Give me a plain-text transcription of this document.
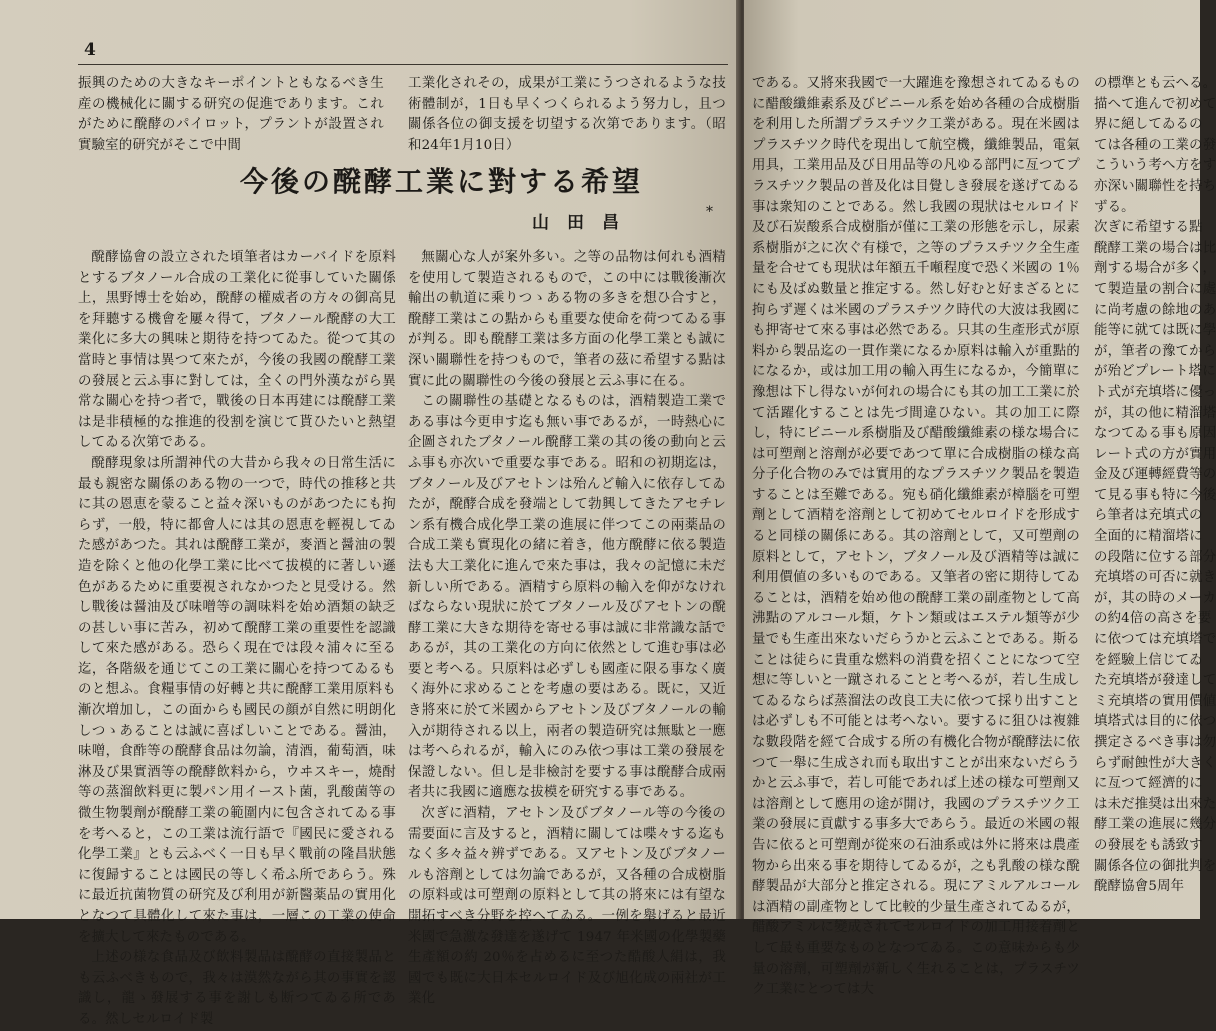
4

振興のための大きなキーポイントともなるべき生産の機械化に關する研究の促進であります。これがために醗酵のパイロット，プラントが設置され實驗室的研究がそこで中間

工業化されその，成果が工業にうつされるような技術體制が，1日も早くつくられるよう努力し，且つ關係各位の御支援を切望する次第であります。（昭和24年1月10日）

今後の醗酵工業に對する希望
山田昌
*

醗酵協會の設立された頃筆者はカーバイドを原料とするブタノール合成の工業化に從事していた關係上，黒野博士を始め，醗酵の權威者の方々の御高見を拜聽する機會を屢々得て，ブタノール醗酵の大工業化に多大の興味と期待を持つてゐた。從つて其の當時と事情は異つて來たが，今後の我國の醗酵工業の發展と云ふ事に對しては，全くの門外漢ながら異常な關心を持つ者で，戰後の日本再建には醗酵工業は是非積極的な推進的役割を演じて貰ひたいと熱望してゐる次第である。

醗酵現象は所謂神代の大昔から我々の日常生活に最も親密な關係のある物の一つで，時代の推移と共に其の恩恵を蒙ること益々深いものがあつたにも拘らず，一般，特に都會人には其の恩恵を輕視してゐた感があつた。其れは醗酵工業が，麥酒と醤油の製造を除くと他の化學工業に比べて拔模的に著しい遜色があるために重要視されなかつたと見受ける。然し戰後は醤油及び味噌等の調味料を始め酒類の缺乏の甚しい事に苦み，初めて醗酵工業の重要性を認識して來た感がある。恐らく現在では段々浦々に至る迄，各階級を通じてこの工業に關心を持つてゐるものと想ふ。食糧事情の好轉と共に醗酵工業用原料も漸次増加し，この面からも國民の顔が自然に明朗化しつゝあることは誠に喜ばしいことである。醤油，味噌，食酢等の醗酵食品は勿論，清酒，葡萄酒，味淋及び果實酒等の醗酵飲料から，ウヰスキー，燒酎等の蒸溜飲料更に製パン用イースト菌，乳酸菌等の微生物製劑が醗酵工業の範圍内に包含されてゐる事を考へると，この工業は流行語で『國民に愛される化學工業』とも云ふべく一日も早く戰前の隆昌狀態に復歸することは國民の等しく希ふ所であらう。殊に最近抗菌物質の研究及び利用が新醫薬品の實用化となつて具體化して來た事は，一層この工業の使命を擴大して來たものである。

上述の様な食品及び飲料製品は醗酵の直接製品とも云ふべきもので，我々は漠然ながら其の事實を認識し，龍ゝ發展する事を謝しも断つてゐる所である。然しセルロイド製

無關心な人が案外多い。之等の品物は何れも酒精を使用して製造されるもので，この中には戰後漸次輸出の軌道に乘りつゝある物の多きを想ひ合すと，醗酵工業はこの點からも重要な使命を荷つてゐる事が判る。即も醗酵工業は多方面の化學工業とも誠に深い關聯性を持つもので，筆者の茲に希望する點は實に此の關聯性の今後の發展と云ふ事に在る。

この關聯性の基礎となるものは，酒精製造工業である事は今更申す迄も無い事であるが，一時熱心に企圖されたブタノール醗酵工業の其の後の動向と云ふ事も亦次いで重要な事である。昭和の初期迄は，ブタノール及びアセトンは殆んど輸入に依存してゐたが，醗酵合成を發端として勃興してきたアセチレン系有機合成化學工業の進展に伴つてこの兩薬品の合成工業も實現化の緒に着き，他方醗酵に依る製造法も大工業化に進んで來た事は，我々の記憶に未だ新しい所である。酒精すら原料の輸入を仰がなければならない現狀に於てブタノール及びアセトンの醗酵工業に大きな期待を寄せる事は誠に非常識な話であるが，其の工業化の方向に依然として進む事は必要と考へる。只原料は必ずしも國產に限る事なく廣く海外に求めることを考慮の要はある。既に，又近き將來に於て米國からアセトン及びブタノールの輸入が期待される以上，兩者の製造研究は無駄と一應は考へられるが，輸入にのみ依つ事は工業の發展を保證しない。但し是非檢討を要する事は醗酵合成兩者共に我國に適應な拔模を研究する事である。

次ぎに酒精，アセトン及びブタノール等の今後の需要面に言及すると，酒精に關しては喋々する迄もなく多々益々辨ずである。又アセトン及びブタノールも溶劑としては勿論であるが，又各種の合成樹脂の原料或は可塑劑の原料として其の將來には有望な開拓すべき分野を控へてゐる。一例を舉げると最近米國で急激な發達を遂げて 1947 年米國の化學製藥生產額の約 20％を占めるに至つた酷酸人絹は，我國でも既に大日本セルロイド及び旭化成の兩社が工業化

である。又將來我國で一大躍進を豫想されてゐるものに醋酸纖維素系及びビニール系を始め各種の合成樹脂を利用した所謂プラスチツク工業がある。現在米國はプラスチツク時代を現出して航空機，纖維製品，電氣用具，工業用品及び日用品等の凡ゆる部門に亙つてプラスチツク製品の普及化は目覺しき發展を遂げてゐる事は衆知のことである。然し我國の現狀はセルロイド及び石炭酸系合成樹脂が僅に工業の形態を示し，尿素系樹脂が之に次ぐ有様で，之等のプラスチツク全生產量を合せても現狀は年額五千噸程度で恐く米國の 1％にも及ばぬ數量と推定する。然し好むと好まざるとに拘らず遲くは米國のプラスチツク時代の大波は我國にも押寄せて來る事は必然である。只其の生產形式が原料から製品迄の一貫作業になるか原料は輸入が重點的になるか，或は加工用の輸入再生になるか，今簡單に豫想は下し得ないが何れの場合にも其の加工工業に於て活躍化することは先づ間違ひない。其の加工に際し，特にビニール系樹脂及び醋酸纖維素の様な場合には可塑劑と溶劑が必要であつて單に合成樹脂の様な高分子化合物のみでは實用的なプラスチツク製品を製造することは至難である。宛も硝化纖維素が樟腦を可塑劑として酒精を溶劑として初めてセルロイドを形成すると同様の關係にある。其の溶劑として，又可塑劑の原料として，アセトン，ブタノール及び酒精等は誠に利用價値の多いものである。又筆者の密に期待してゐることは，酒精を始め他の醗酵工業の副產物として高沸點のアルコール類，ケトン類或はエステル類等が少量でも生產出來ないだらうかと云ふことである。斯ることは徒らに貴重な燃料の消費を招くことになつて空想に等しいと一蹴されることと考へるが，若し生成してゐるならば蒸溜法の改良工夫に依つて採り出すことは必ずしも不可能とは考へない。要するに狙ひは複雜な數段階を經て合成する所の有機化合物が醗酵法に依つて一舉に生成され而も取出すことが出來ないだらうかと云ふ事で，若し可能であれば上述の様な可塑劑又は溶劑として應用の途が開け，我國のプラスチツク工業の發展に貢獻する事多大であらう。最近の米國の報告に依ると可塑劑が從來の石油系或は外に將來は農產物から出來る事を期待してゐるが，之も乳酸の様な醗酵製品が大部分と推定される。現にアミルアルコールは酒精の副產物として比較的少量生產されてゐるが，醋酸アミルに變成されてセルロイドの加工用接着劑として最も重要なものとなつてゐる。この意味からも少量の溶劑，可塑劑が新しく生れることは，プラスチツク工業にとつては大

の標準とも云へる。
描へて進んで初めて
界に絕してゐるの
ては各種の工業の發
こういう考へ方をす
亦深い關聯性を持ち
ずる。
次ぎに希望する點
醗酵工業の場合は比
劑する場合が多く，
て製造量の割合に處
に尚考慮の餘地のあ
能等に就ては既に學
が，筆者の豫てから
が殆どプレート塔に
ト式が充填塔に優っ
が，其の他に精溜塔
なつてゐる事も原因
レート式の方が實用
金及び運轉經費等の
て見る事も特に今後
ら筆者は充填式の
全面的に精溜塔に
の段階に位する部分
充填塔の可否に就き
が，其の時のメーカ
の約4倍の高さを要
に依つては充填塔で
を經驗上信じてゐ
た充填塔が發達して
ミ充填塔の實用價値
填塔式は目的に依つ
撰定さるべき事は勿
らず耐蝕性が大きく
に亙つて經濟的に
は未だ推奨は出來た
酵工業の進展に幾分
の發展をも誘致す
關係各位の御批判を
醗酵協會5周年
